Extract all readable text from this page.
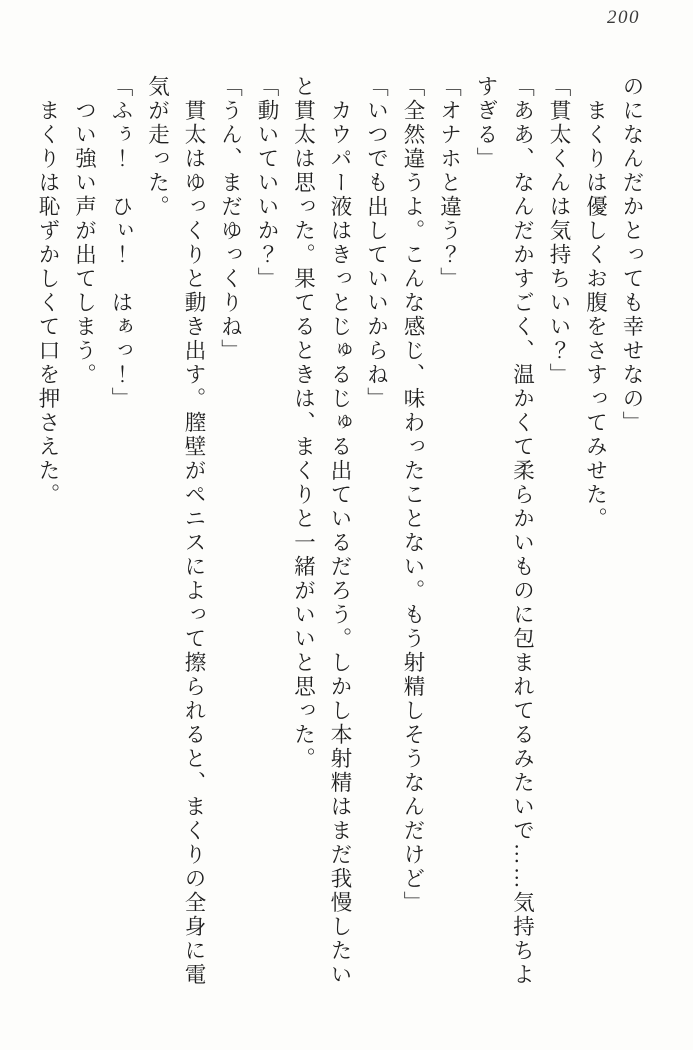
200
のになんだかとっても幸せなの」
まくりは優しくお腹をさすってみせた。
「貫太くんは気持ちいい？」
「ああ、なんだかすごく、温かくて柔らかいものに包まれてるみたいで……気持ちよ
すぎる」
「オナホと違う？」
「全然違うよ。こんな感じ、味わったことない。もう射精しそうなんだけど」
「いつでも出していいからね」
カウパー液はきっとじゅるじゅる出ているだろう。しかし本射精はまだ我慢したい
と貫太は思った。果てるときは、まくりと一緒がいいと思った。
「動いていいか？」
「うん、まだゆっくりね」
貫太はゆっくりと動き出す。膣壁がペニスによって擦られると、まくりの全身に電
気が走った。
「ふぅ！　ひぃ！　はぁっ！」
つい強い声が出てしまう。
まくりは恥ずかしくて口を押さえた。
